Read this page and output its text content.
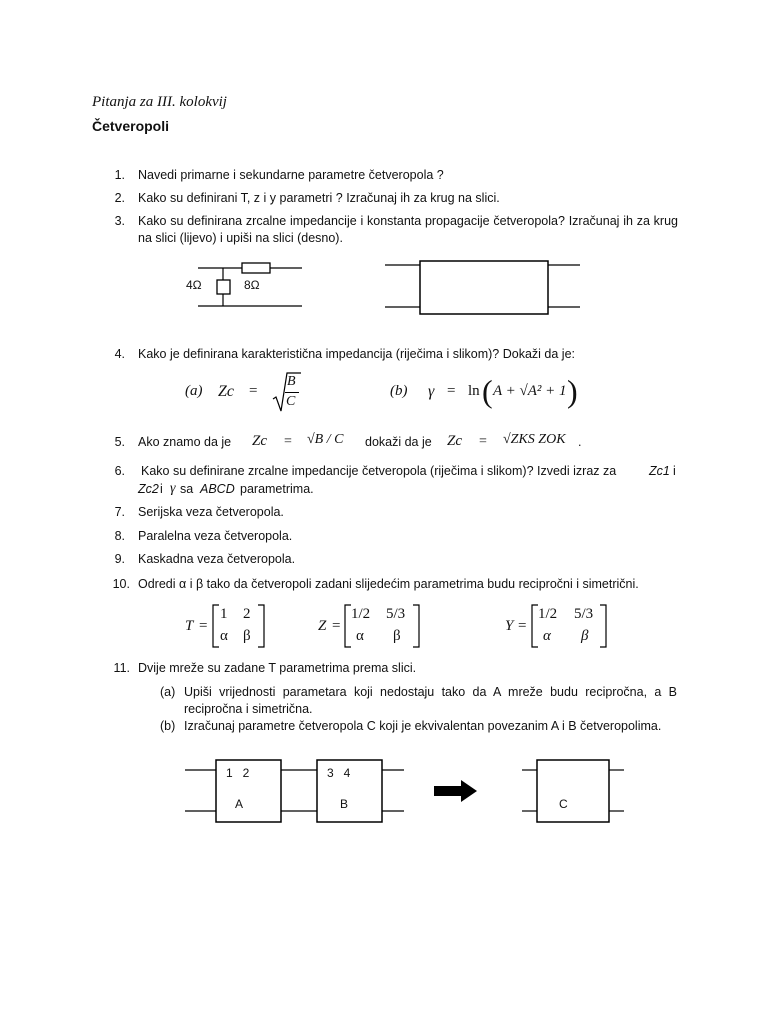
Pitanja za III. kolokvij
Četveropoli
1. Navedi primarne i sekundarne parametre četveropola ?
2. Kako su definirani T, z i y parametri ? Izračunaj ih za krug na slici.
3. Kako su definirana zrcalne impedancije i konstanta propagacije četveropola? Izračunaj ih za krug na slici (lijevo) i upiši na slici (desno).
4Ω	8Ω
4. Kako je definirana karakteristična impedancija (riječima i slikom)? Dokaži da je:
(a) Zc =
B
C
(b) γ = ln ( A + √A² + 1 )
5. Ako znamo da je Zc = √B / C dokaži da je Zc = √ZKS ZOK .
6. Kako su definirane zrcalne impedancije četveropola (riječima i slikom)? Izvedi izraz za	Zc1 i
Zc2 i γ sa ABCD parametrima.
7. Serijska veza četveropola.
8. Paralelna veza četveropola.
9. Kaskadna veza četveropola.
10. Odredi α i β tako da četveropoli zadani slijedećim parametrima budu recipročni i simetrični.
T =
1 2
α β
Z =
1/2 5/3
α β
Y =
1/2 5/3
α β
11. Dvije mreže su zadane T parametrima prema slici.
(a) Upiši vrijednosti parametara koji nedostaju tako da A mreže budu recipročna, a B recipročna i simetrična.
(b) Izračunaj parametre četveropola C koji je ekvivalentan povezanim A i B četveropolima.
1   2
A
3   4
B	C
